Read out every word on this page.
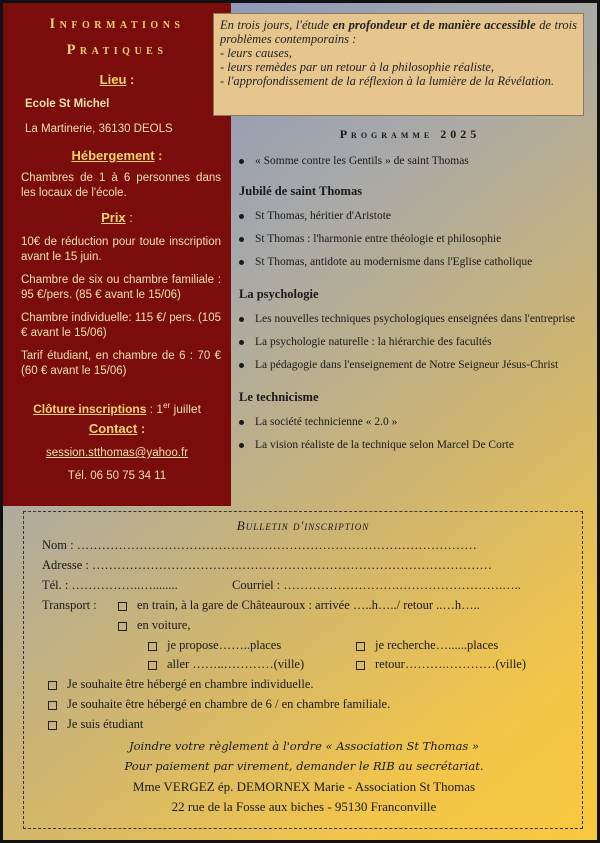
Informations
Pratiques
Lieu :
Ecole St Michel
La Martinerie, 36130 DEOLS
Hébergement :
Chambres de 1 à 6 personnes dans les locaux de l'école.
Prix :
10€ de réduction pour toute inscription avant le 15 juin.
Chambre de six ou chambre familiale : 95 €/pers. (85 € avant le 15/06)
Chambre individuelle: 115 €/ pers. (105 € avant le 15/06)
Tarif étudiant, en chambre de 6 : 70 € (60 € avant le 15/06)
Clôture inscriptions : 1er juillet
Contact :
session.stthomas@yahoo.fr
Tél. 06 50 75 34 11
En trois jours, l'étude en profondeur et de manière accessible de trois problèmes contemporains :
- leurs causes,
- leurs remèdes par un retour à la philosophie réaliste,
- l'approfondissement de la réflexion à la lumière de la Révélation.
Programme 2025
« Somme contre les Gentils » de saint Thomas
Jubilé de saint Thomas
St Thomas, héritier d'Aristote
St Thomas : l'harmonie entre théologie et philosophie
St Thomas, antidote au modernisme dans l'Eglise catholique
La psychologie
Les nouvelles techniques psychologiques enseignées dans l'entreprise
La psychologie naturelle : la hiérarchie des facultés
La pédagogie dans l'enseignement de Notre Seigneur Jésus-Christ
Le technicisme
La société technicienne « 2.0 »
La vision réaliste de la technique selon Marcel De Corte
Bulletin d'inscription
Nom : ……………………………………………………………………………………
Adresse : ……………………………………………………………………………………
Tél. : ……………..…........	Courriel : ……………………….…………………….…..
Transport :	en train, à la gare de Châteauroux : arrivée …..h…../ retour ..…h…..
en voiture,
je propose……..places	je recherche…......places
aller ……..…………(ville)	retour……….…………(ville)
Je souhaite être hébergé en chambre individuelle.
Je souhaite être hébergé en chambre de 6 / en chambre familiale.
Je suis étudiant
Joindre votre règlement à l'ordre « Association St Thomas »
Pour paiement par virement, demander le RIB au secrétariat.
Mme VERGEZ ép. DEMORNEX Marie - Association St Thomas
22 rue de la Fosse aux biches - 95130 Franconville
